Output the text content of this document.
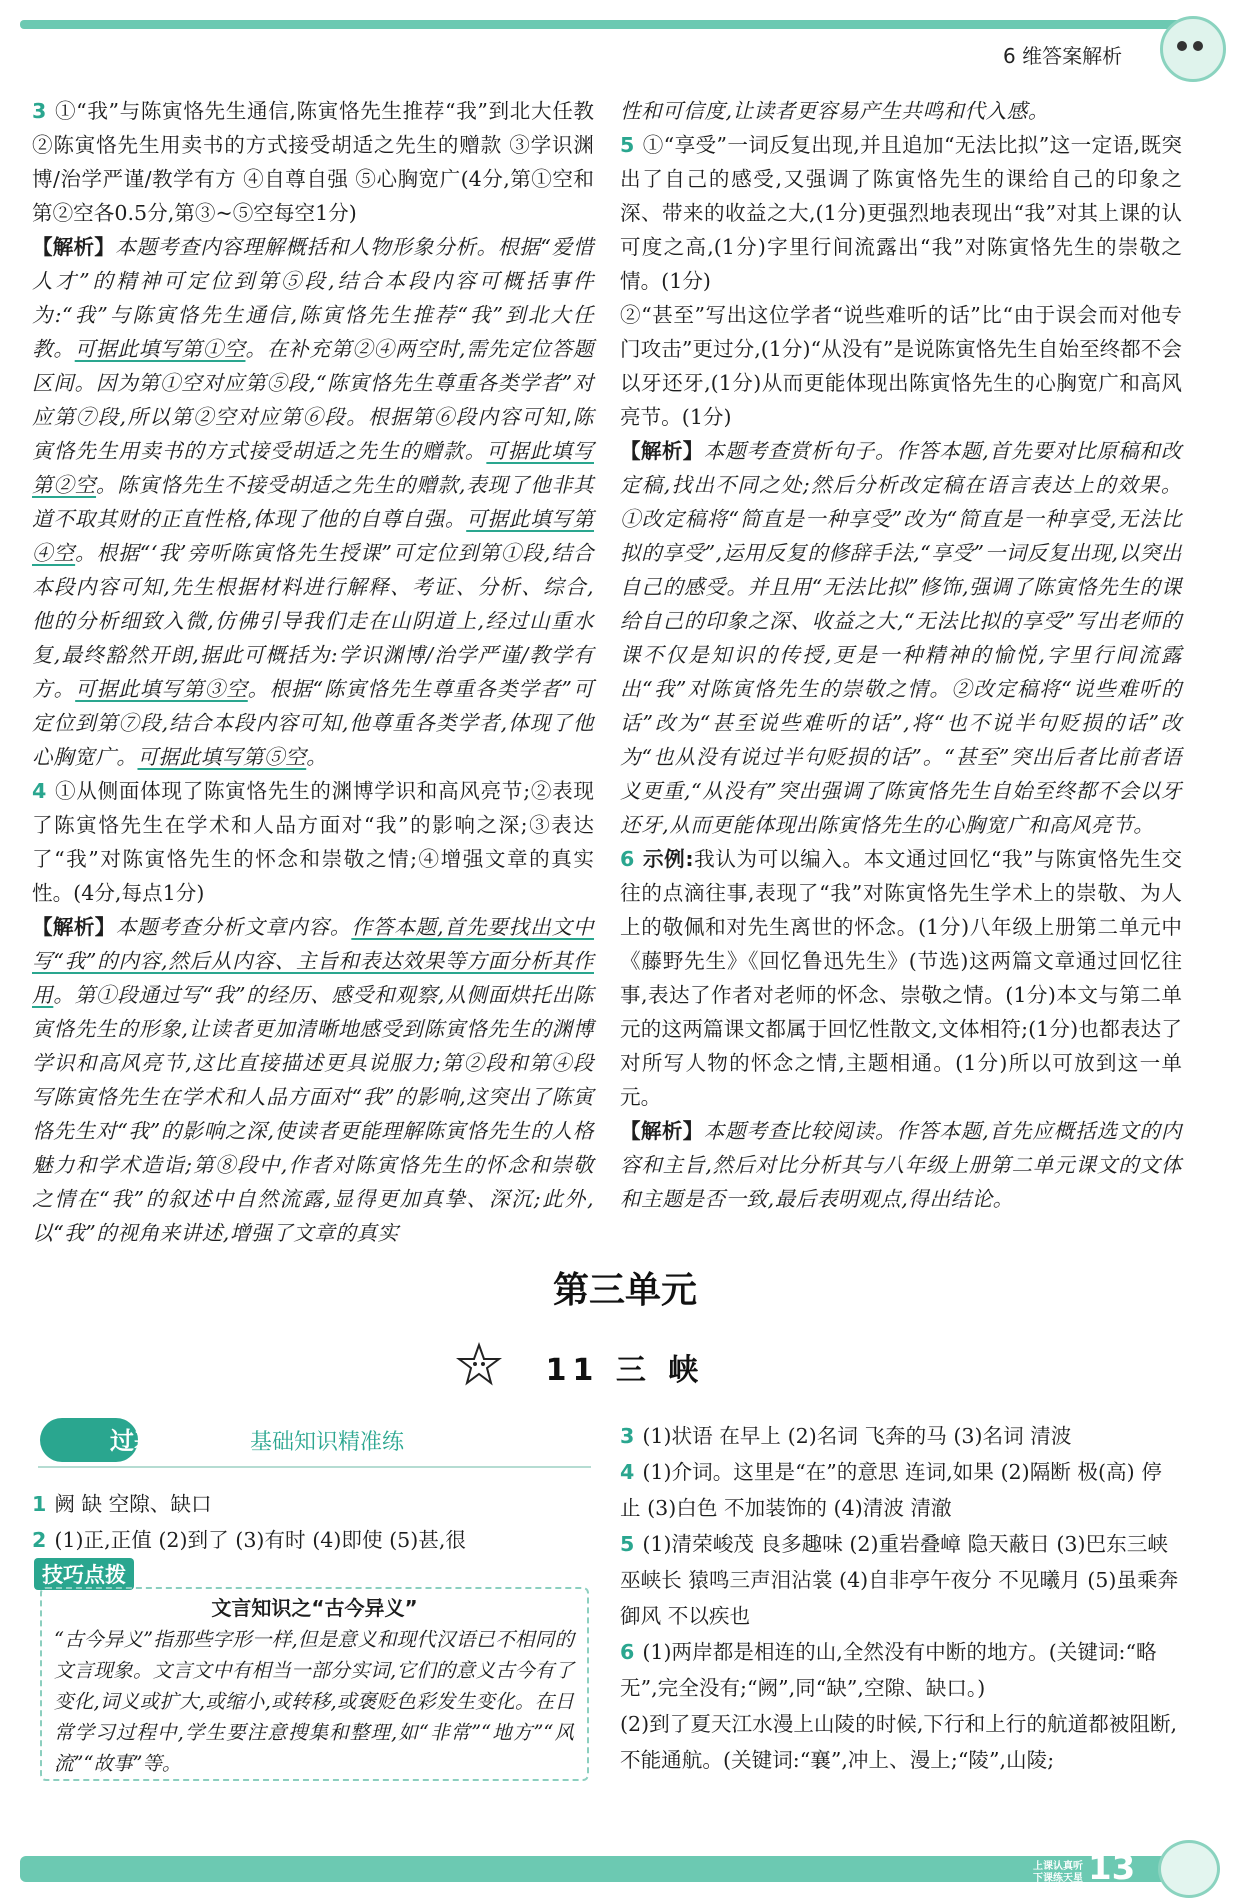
6 维答案解析

3 ①“我”与陈寅恪先生通信,陈寅恪先生推荐“我”到北大任教 ②陈寅恪先生用卖书的方式接受胡适之先生的赠款 ③学识渊博/治学严谨/教学有方 ④自尊自强 ⑤心胸宽广(4分,第①空和第②空各0.5分,第③~⑤空每空1分)

【解析】本题考查内容理解概括和人物形象分析。根据“爱惜人才”的精神可定位到第⑤段,结合本段内容可概括事件为:“我”与陈寅恪先生通信,陈寅恪先生推荐“我”到北大任教。可据此填写第①空。在补充第②④两空时,需先定位答题区间。因为第①空对应第⑤段,“陈寅恪先生尊重各类学者”对应第⑦段,所以第②空对应第⑥段。根据第⑥段内容可知,陈寅恪先生用卖书的方式接受胡适之先生的赠款。可据此填写第②空。陈寅恪先生不接受胡适之先生的赠款,表现了他非其道不取其财的正直性格,体现了他的自尊自强。可据此填写第④空。根据“‘我’旁听陈寅恪先生授课”可定位到第①段,结合本段内容可知,先生根据材料进行解释、考证、分析、综合,他的分析细致入微,仿佛引导我们走在山阴道上,经过山重水复,最终豁然开朗,据此可概括为:学识渊博/治学严谨/教学有方。可据此填写第③空。根据“陈寅恪先生尊重各类学者”可定位到第⑦段,结合本段内容可知,他尊重各类学者,体现了他心胸宽广。可据此填写第⑤空。

4 ①从侧面体现了陈寅恪先生的渊博学识和高风亮节;②表现了陈寅恪先生在学术和人品方面对“我”的影响之深;③表达了“我”对陈寅恪先生的怀念和崇敬之情;④增强文章的真实性。(4分,每点1分)

【解析】本题考查分析文章内容。作答本题,首先要找出文中写“我”的内容,然后从内容、主旨和表达效果等方面分析其作用。第①段通过写“我”的经历、感受和观察,从侧面烘托出陈寅恪先生的形象,让读者更加清晰地感受到陈寅恪先生的渊博学识和高风亮节,这比直接描述更具说服力;第②段和第④段写陈寅恪先生在学术和人品方面对“我”的影响,这突出了陈寅恪先生对“我”的影响之深,使读者更能理解陈寅恪先生的人格魅力和学术造诣;第⑧段中,作者对陈寅恪先生的怀念和崇敬之情在“我”的叙述中自然流露,显得更加真挚、深沉;此外,以“我”的视角来讲述,增强了文章的真实

性和可信度,让读者更容易产生共鸣和代入感。

5 ①“享受”一词反复出现,并且追加“无法比拟”这一定语,既突出了自己的感受,又强调了陈寅恪先生的课给自己的印象之深、带来的收益之大,(1分)更强烈地表现出“我”对其上课的认可度之高,(1分)字里行间流露出“我”对陈寅恪先生的崇敬之情。(1分)

②“甚至”写出这位学者“说些难听的话”比“由于误会而对他专门攻击”更过分,(1分)“从没有”是说陈寅恪先生自始至终都不会以牙还牙,(1分)从而更能体现出陈寅恪先生的心胸宽广和高风亮节。(1分)

【解析】本题考查赏析句子。作答本题,首先要对比原稿和改定稿,找出不同之处;然后分析改定稿在语言表达上的效果。①改定稿将“简直是一种享受”改为“简直是一种享受,无法比拟的享受”,运用反复的修辞手法,“享受”一词反复出现,以突出自己的感受。并且用“无法比拟”修饰,强调了陈寅恪先生的课给自己的印象之深、收益之大,“无法比拟的享受”写出老师的课不仅是知识的传授,更是一种精神的愉悦,字里行间流露出“我”对陈寅恪先生的崇敬之情。②改定稿将“说些难听的话”改为“甚至说些难听的话”,将“也不说半句贬损的话”改为“也从没有说过半句贬损的话”。“甚至”突出后者比前者语义更重,“从没有”突出强调了陈寅恪先生自始至终都不会以牙还牙,从而更能体现出陈寅恪先生的心胸宽广和高风亮节。

6 示例:我认为可以编入。本文通过回忆“我”与陈寅恪先生交往的点滴往事,表现了“我”对陈寅恪先生学术上的崇敬、为人上的敬佩和对先生离世的怀念。(1分)八年级上册第二单元中《藤野先生》《回忆鲁迅先生》(节选)这两篇文章通过回忆往事,表达了作者对老师的怀念、崇敬之情。(1分)本文与第二单元的这两篇课文都属于回忆性散文,文体相符;(1分)也都表达了对所写人物的怀念之情,主题相通。(1分)所以可放到这一单元。

【解析】本题考查比较阅读。作答本题,首先应概括选文的内容和主旨,然后对比分析其与八年级上册第二单元课文的文体和主题是否一致,最后表明观点,得出结论。

第三单元
11 三 峡
过基础	基础知识精准练

1 阙 缺 空隙、缺口

2 (1)正,正值 (2)到了 (3)有时 (4)即使 (5)甚,很

技巧点拨
文言知识之“古今异义”
“古今异义”指那些字形一样,但是意义和现代汉语已不相同的文言现象。文言文中有相当一部分实词,它们的意义古今有了变化,词义或扩大,或缩小,或转移,或褒贬色彩发生变化。在日常学习过程中,学生要注意搜集和整理,如“非常”“地方”“风流”“故事”等。

3 (1)状语 在早上 (2)名词 飞奔的马 (3)名词 清波

4 (1)介词。这里是“在”的意思 连词,如果 (2)隔断 极(高) 停止 (3)白色 不加装饰的 (4)清波 清澈

5 (1)清荣峻茂 良多趣味 (2)重岩叠嶂 隐天蔽日 (3)巴东三峡巫峡长 猿鸣三声泪沾裳 (4)自非亭午夜分 不见曦月 (5)虽乘奔御风 不以疾也

6 (1)两岸都是相连的山,全然没有中断的地方。(关键词:“略无”,完全没有;“阙”,同“缺”,空隙、缺口。)

(2)到了夏天江水漫上山陵的时候,下行和上行的航道都被阻断,不能通航。(关键词:“襄”,冲上、漫上;“陵”,山陵;

上课认真听
下课练天星 13
